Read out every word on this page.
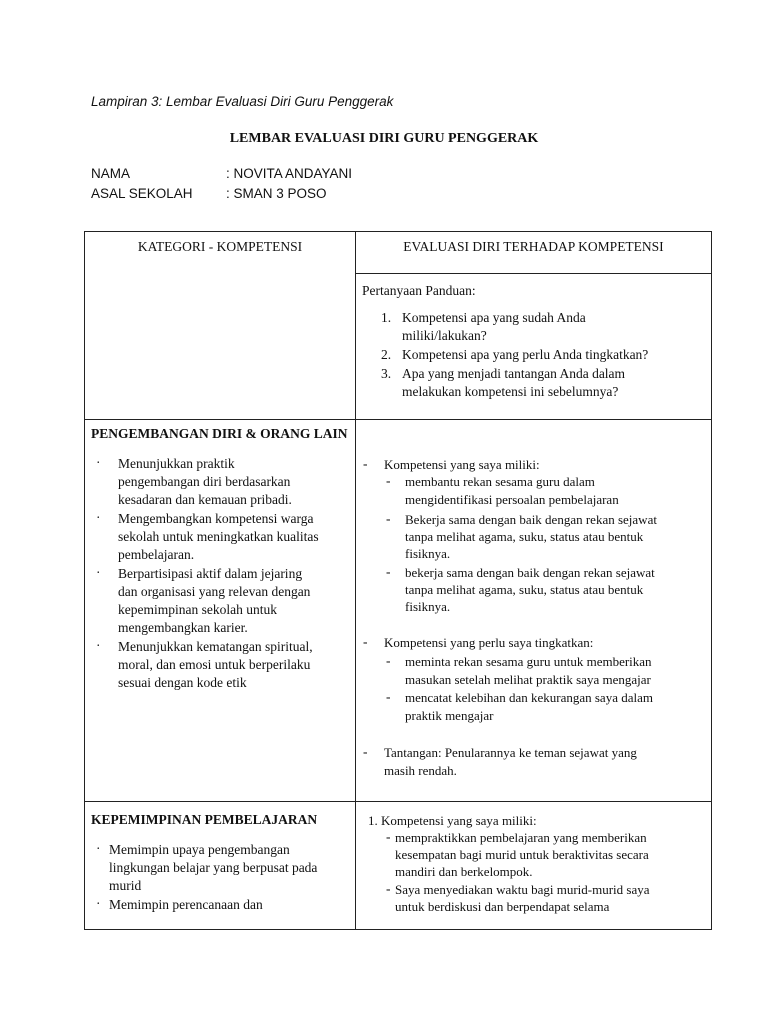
Lampiran 3: Lembar Evaluasi Diri Guru Penggerak
LEMBAR EVALUASI DIRI GURU PENGGERAK
NAMA	: NOVITA ANDAYANI
ASAL SEKOLAH : SMAN 3 POSO
KATEGORI - KOMPETENSI	EVALUASI DIRI TERHADAP KOMPETENSI
Pertanyaan Panduan:
1. Kompetensi apa yang sudah Anda
miliki/lakukan?
2. Kompetensi apa yang perlu Anda tingkatkan?
3. Apa yang menjadi tantangan Anda dalam
melakukan kompetensi ini sebelumnya?
PENGEMBANGAN DIRI & ORANG LAIN
· Menunjukkan praktik
pengembangan diri berdasarkan
kesadaran dan kemauan pribadi.
· Mengembangkan kompetensi warga
sekolah untuk meningkatkan kualitas
pembelajaran.
· Berpartisipasi aktif dalam jejaring
dan organisasi yang relevan dengan
kepemimpinan sekolah untuk
mengembangkan karier.
· Menunjukkan kematangan spiritual,
moral, dan emosi untuk berperilaku
sesuai dengan kode etik
- Kompetensi yang saya miliki:
- membantu rekan sesama guru dalam
mengidentifikasi persoalan pembelajaran
- Bekerja sama dengan baik dengan rekan sejawat
tanpa melihat agama, suku, status atau bentuk
fisiknya.
- bekerja sama dengan baik dengan rekan sejawat
tanpa melihat agama, suku, status atau bentuk
fisiknya.
- Kompetensi yang perlu saya tingkatkan:
- meminta rekan sesama guru untuk memberikan
masukan setelah melihat praktik saya mengajar
- mencatat kelebihan dan kekurangan saya dalam
praktik mengajar
- Tantangan: Penularannya ke teman sejawat yang
masih rendah.
KEPEMIMPINAN PEMBELAJARAN
· Memimpin upaya pengembangan
lingkungan belajar yang berpusat pada
murid
· Memimpin perencanaan dan
1. Kompetensi yang saya miliki:
- mempraktikkan pembelajaran yang memberikan
kesempatan bagi murid untuk beraktivitas secara
mandiri dan berkelompok.
- Saya menyediakan waktu bagi murid-murid saya
untuk berdiskusi dan berpendapat selama
